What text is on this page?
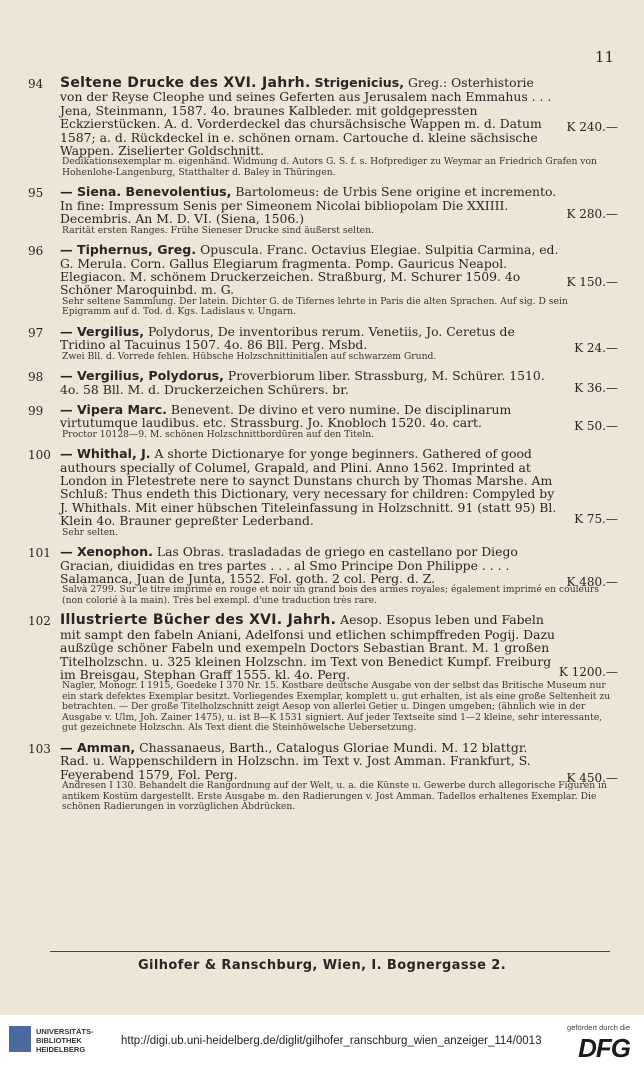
11
94 Seltene Drucke des XVI. Jahrh. Strigenicius, Greg.: Osterhistorie von der Reyse Cleophe und seines Geferten aus Jerusalem nach Emmahus . . . Jena, Steinmann, 1587. 4o. braunes Kalbleder. mit goldgepressten Eckzierstücken. A. d. Vorderdeckel das chursächsische Wappen m. d. Datum 1587; a. d. Rückdeckel in e. schönen ornam. Cartouche d. kleine sächsische Wappen. Ziselierter Goldschnitt.
Dedikationsexemplar m. eigenhänd. Widmung d. Autors G. S. f. s. Hofprediger zu Weymar an Friedrich Grafen von Hohenlohe-Langenburg, Statthalter d. Baley in Thüringen.
K 240.—
95 — Siena. Benevolentius, Bartolomeus: de Urbis Sene origine et incremento. In fine: Impressum Senis per Simeonem Nicolai bibliopolam Die XXIIII. Decembris. An M. D. VI. (Siena, 1506.)
Rarität ersten Ranges. Frühe Sieneser Drucke sind äußerst selten.
K 280.—
96 — Tiphernus, Greg. Opuscula. Franc. Octavius Elegiae. Sulpitia Carmina, ed. G. Merula. Corn. Gallus Elegiarum fragmenta. Pomp. Gauricus Neapol. Elegiacon. M. schönem Druckerzeichen. Straßburg, M. Schurer 1509. 4o Schöner Maroquinbd. m. G.
Sehr seltene Sammlung. Der latein. Dichter G. de Tifernes lehrte in Paris die alten Sprachen. Auf sig. D sein Epigramm auf d. Tod. d. Kgs. Ladislaus v. Ungarn.
K 150.—
97 — Vergilius, Polydorus, De inventoribus rerum. Venetiis, Jo. Ceretus de Tridino al Tacuinus 1507. 4o. 86 Bll. Perg. Msbd.
Zwei Bll. d. Vorrede fehlen. Hübsche Holzschnittinitialen auf schwarzem Grund.
K 24.—
98 — Vergilius, Polydorus, Proverbiorum liber. Strassburg, M. Schürer. 1510. 4o. 58 Bll. M. d. Druckerzeichen Schürers. br.	K 36.—
99 — Vipera Marc. Benevent. De divino et vero numine. De disciplinarum virtutumque laudibus. etc. Strassburg. Jo. Knobloch 1520. 4o. cart.
Proctor 10128—9. M. schönen Holzschnittbordüren auf den Titeln.
K 50.—
100 — Whithal, J. A shorte Dictionarye for yonge beginners. Gathered of good authours specially of Columel, Grapald, and Plini. Anno 1562. Imprinted at London in Fletestrete nere to saynct Dunstans church by Thomas Marshe. Am Schluß: Thus endeth this Dictionary, very necessary for children: Compyled by J. Whithals. Mit einer hübschen Titeleinfassung in Holzschnitt. 91 (statt 95) Bl. Klein 4o. Brauner gepreßter Lederband.
Sehr selten.
K 75.—
101 — Xenophon. Las Obras. trasladadas de griego en castellano por Diego Gracian, diuididas en tres partes . . . al Smo Principe Don Philippe . . . . Salamanca, Juan de Junta, 1552. Fol. goth. 2 col. Perg. d. Z.
Salvà 2799. Sur le titre imprimé en rouge et noir un grand bois des armes royales; également imprimé en couleurs (non colorié à la main). Très bel exempl. d'une traduction très rare.
K 480.—
102 Illustrierte Bücher des XVI. Jahrh. Aesop. Esopus leben und Fabeln mit sampt den fabeln Aniani, Adelfonsi und etlichen schimpffreden Pogij. Dazu außzüge schöner Fabeln und exempeln Doctors Sebastian Brant. M. 1 großen Titelholzschn. u. 325 kleinen Holzschn. im Text von Benedict Kumpf. Freiburg im Breisgau, Stephan Graff 1555. kl. 4o. Perg.
Nagler, Monogr. I 1915, Goedeke I 370 Nr. 15. Kostbare deutsche Ausgabe von der selbst das Britische Museum nur ein stark defektes Exemplar besitzt. Vorliegendes Exemplar, komplett u. gut erhalten, ist als eine große Seltenheit zu betrachten. — Der große Titelholzschnitt zeigt Aesop von allerlei Getier u. Dingen umgeben; (ähnlich wie in der Ausgabe v. Ulm, Joh. Zainer 1475), u. ist B—K 1531 signiert. Auf jeder Textseite sind 1—2 kleine, sehr interessante, gut gezeichnete Holzschn. Als Text dient die Steinhöwelsche Uebersetzung.
K 1200.—
103 — Amman, Chassanaeus, Barth., Catalogus Gloriae Mundi. M. 12 blattgr. Rad. u. Wappenschildern in Holzschn. im Text v. Jost Amman. Frankfurt, S. Feyerabend 1579, Fol. Perg.
Andresen I 130. Behandelt die Rangordnung auf der Welt, u. a. die Künste u. Gewerbe durch allegorische Figuren in antikem Kostüm dargestellt. Erste Ausgabe m. den Radierungen v. Jost Amman. Tadellos erhaltenes Exemplar. Die schönen Radierungen in vorzüglichen Abdrücken.
K 450.—
Gilhofer & Ranschburg, Wien, I. Bognergasse 2.
UNIVERSITÄTS-
BIBLIOTHEK
HEIDELBERG
http://digi.ub.uni-heidelberg.de/diglit/gilhofer_ranschburg_wien_anzeiger_114/0013
gefördert durch die
DFG
